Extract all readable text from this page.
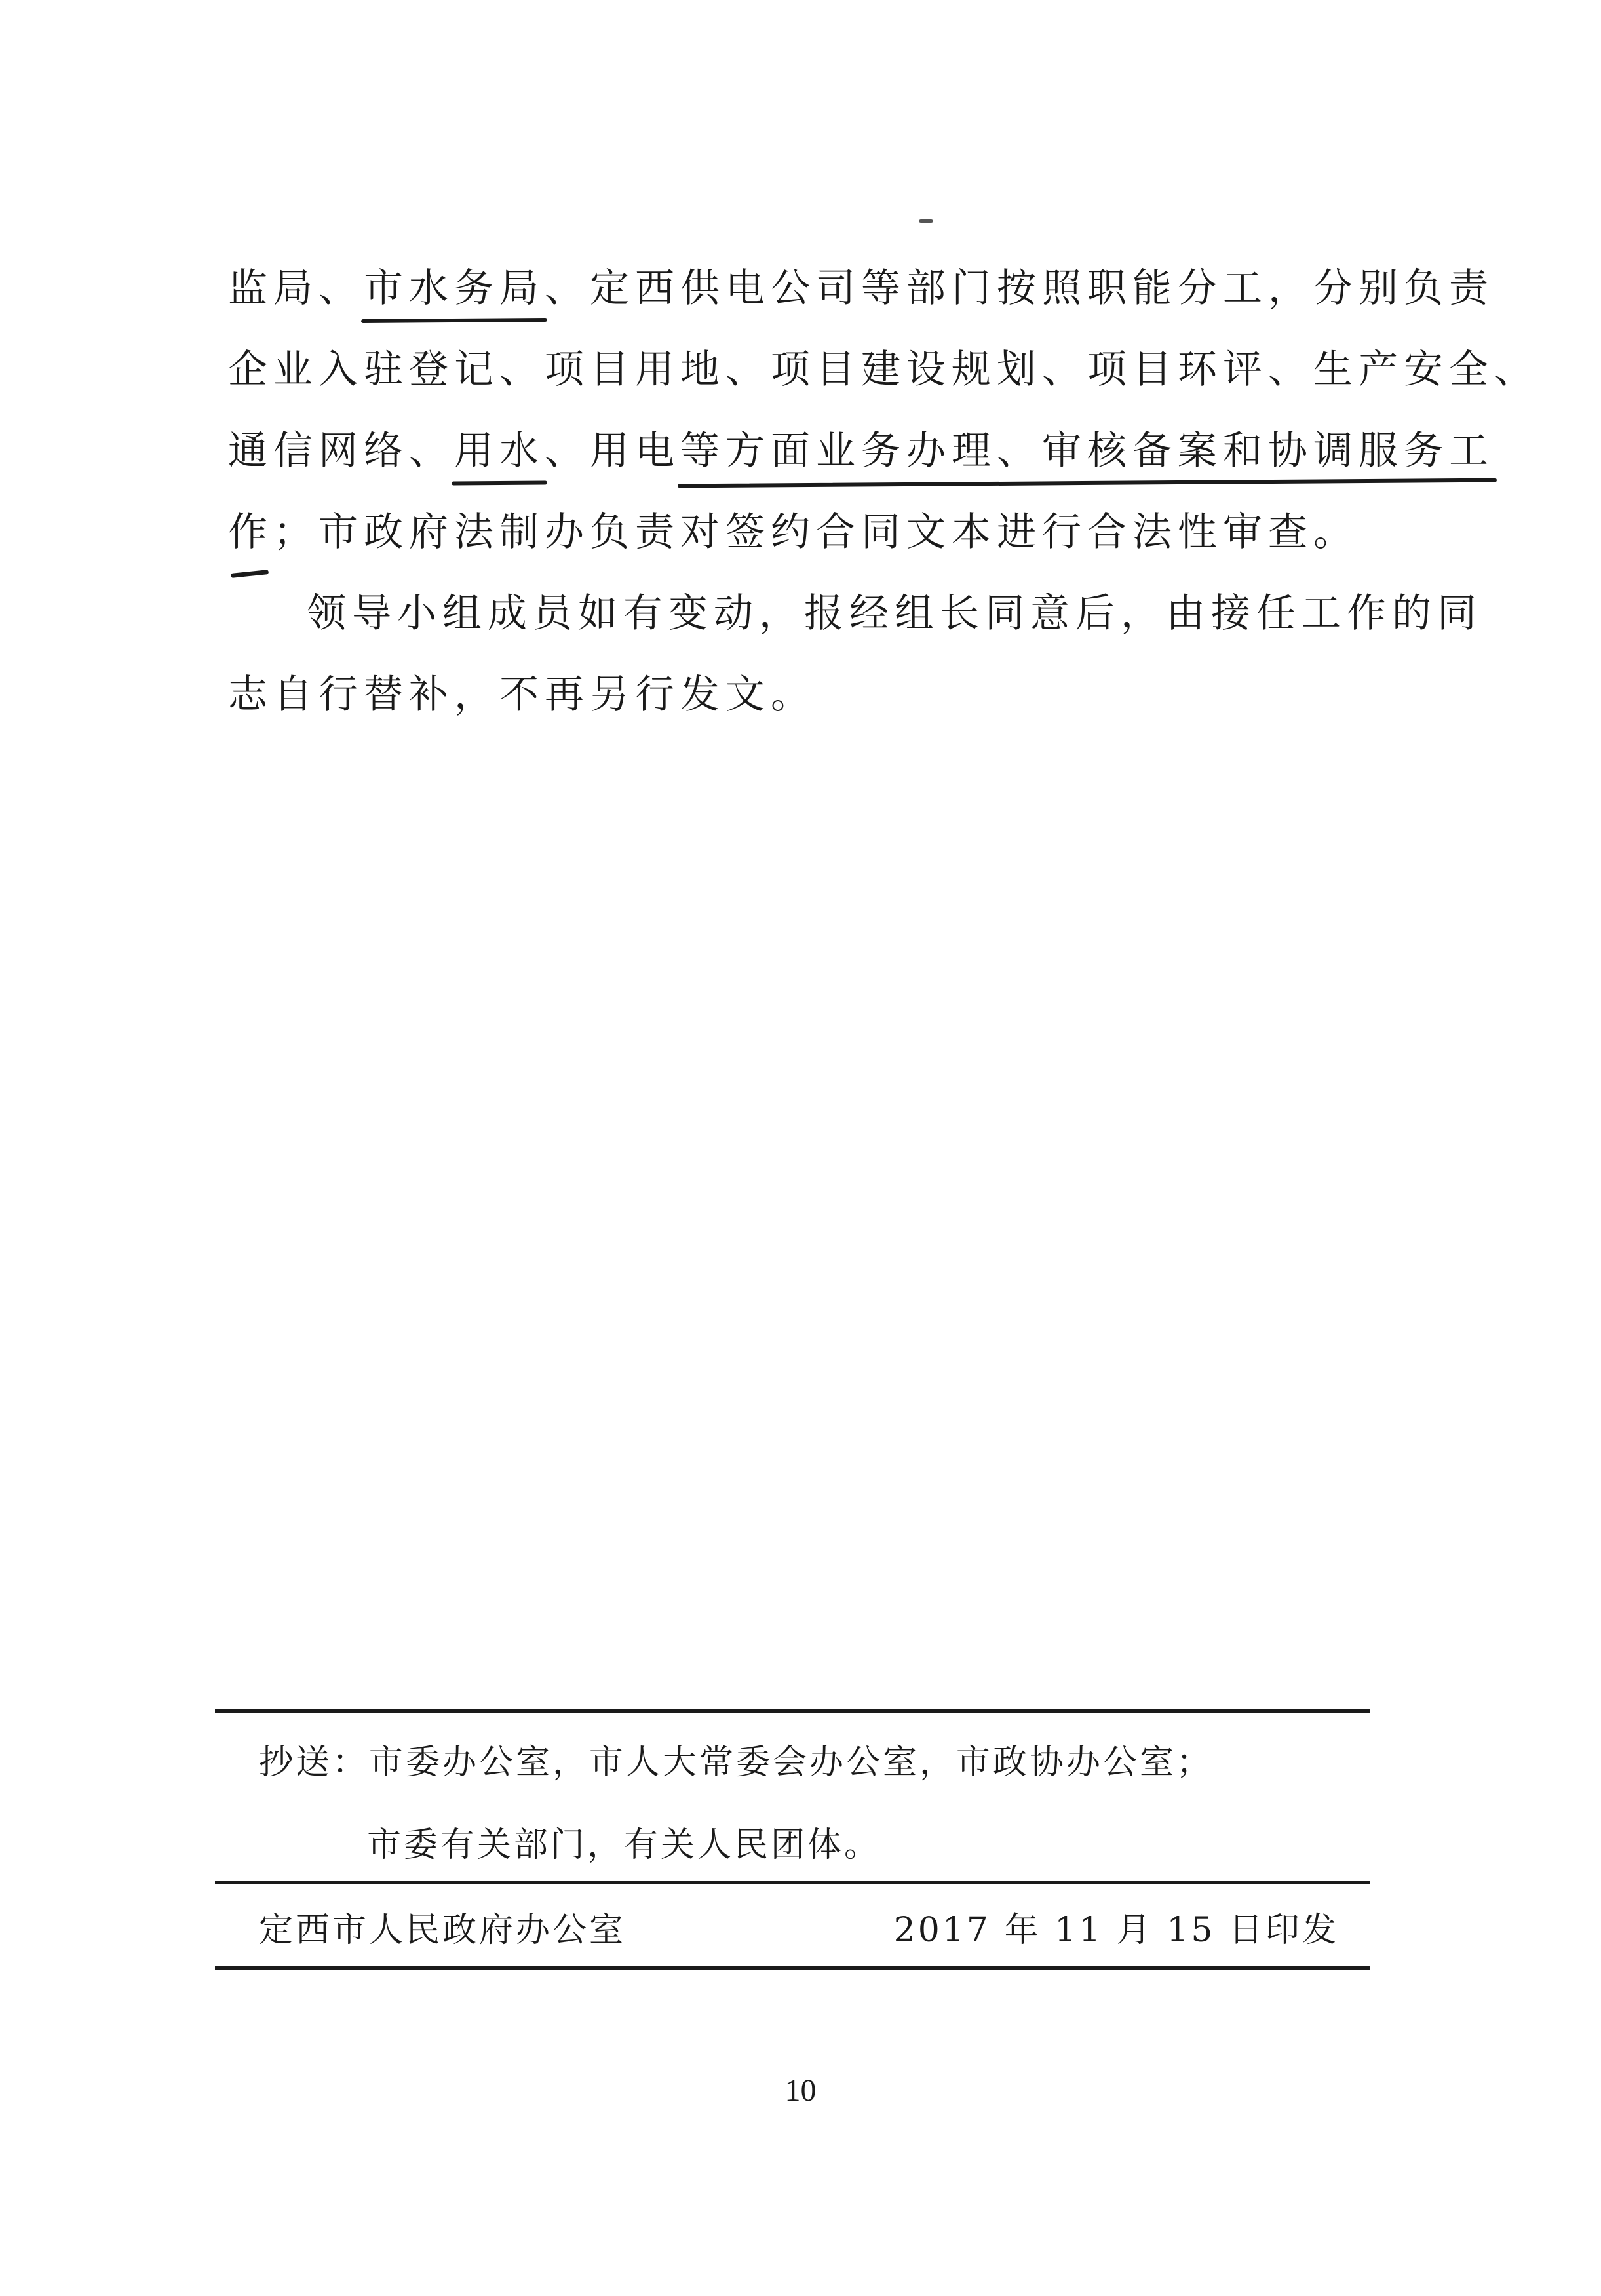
监局、市水务局、定西供电公司等部门按照职能分工，分别负责
企业入驻登记、项目用地、项目建设规划、项目环评、生产安全、
通信网络、用水、用电等方面业务办理、审核备案和协调服务工
作；市政府法制办负责对签约合同文本进行合法性审查。
领导小组成员如有变动，报经组长同意后，由接任工作的同
志自行替补，不再另行发文。
抄送：市委办公室，市人大常委会办公室，市政协办公室；
市委有关部门，有关人民团体。
定西市人民政府办公室	2017 年 11 月 15 日印发
10
